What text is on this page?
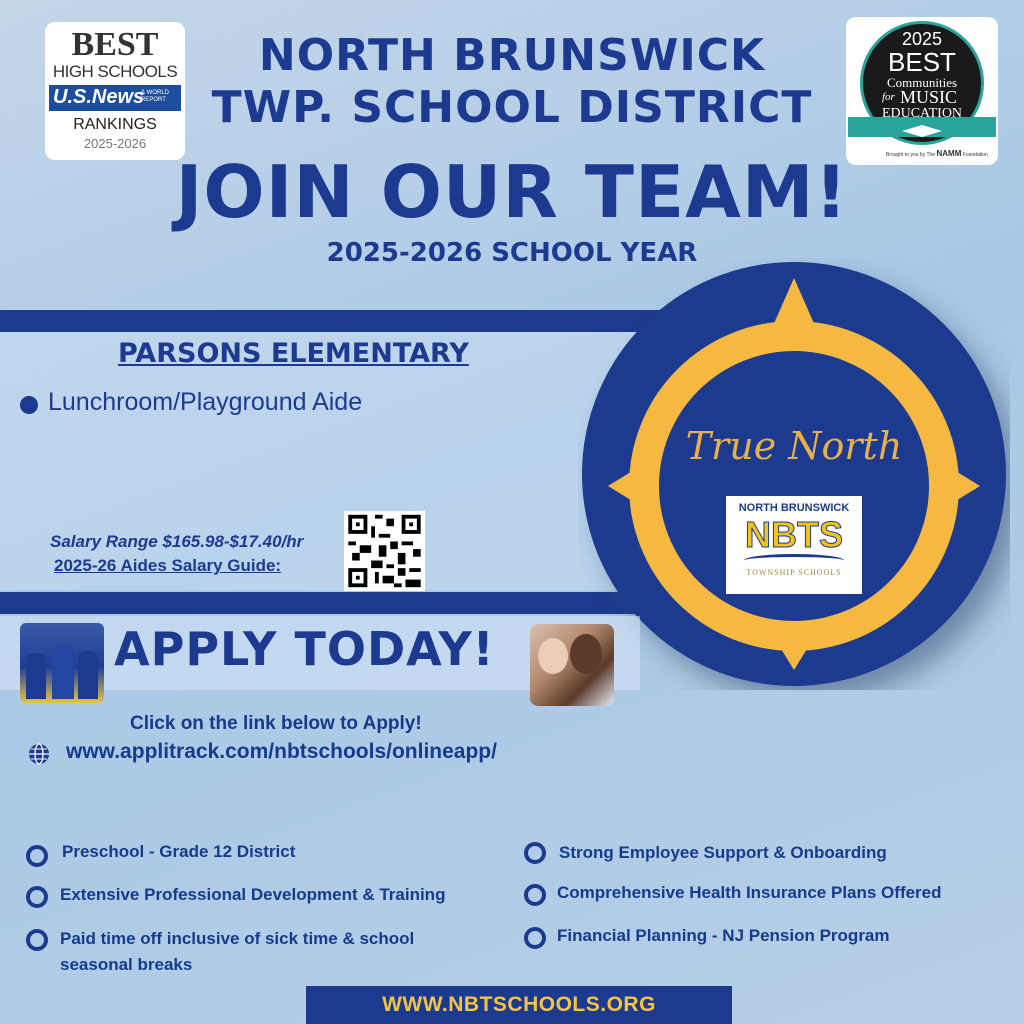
BEST
HIGH SCHOOLS
U.S.News
& WORLD REPORT
RANKINGS
2025-2026
2025
BEST
Communities
for MUSIC
EDUCATION
Brought to you by The NAMM Foundation
NORTH BRUNSWICK
TWP. SCHOOL DISTRICT
JOIN OUR TEAM!
2025-2026 SCHOOL YEAR
PARSONS ELEMENTARY
Lunchroom/Playground Aide
Salary Range $165.98-$17.40/hr
2025-26 Aides Salary Guide:
True North
NORTH BRUNSWICK
NBTS
TOWNSHIP SCHOOLS
APPLY TODAY!
Click on the link below to Apply!
www.applitrack.com/nbtschools/onlineapp/
Preschool - Grade 12 District
Extensive Professional Development & Training
Paid time off inclusive of sick time & school seasonal breaks
Strong Employee Support & Onboarding
Comprehensive Health Insurance Plans Offered
Financial Planning - NJ Pension Program
WWW.NBTSCHOOLS.ORG
